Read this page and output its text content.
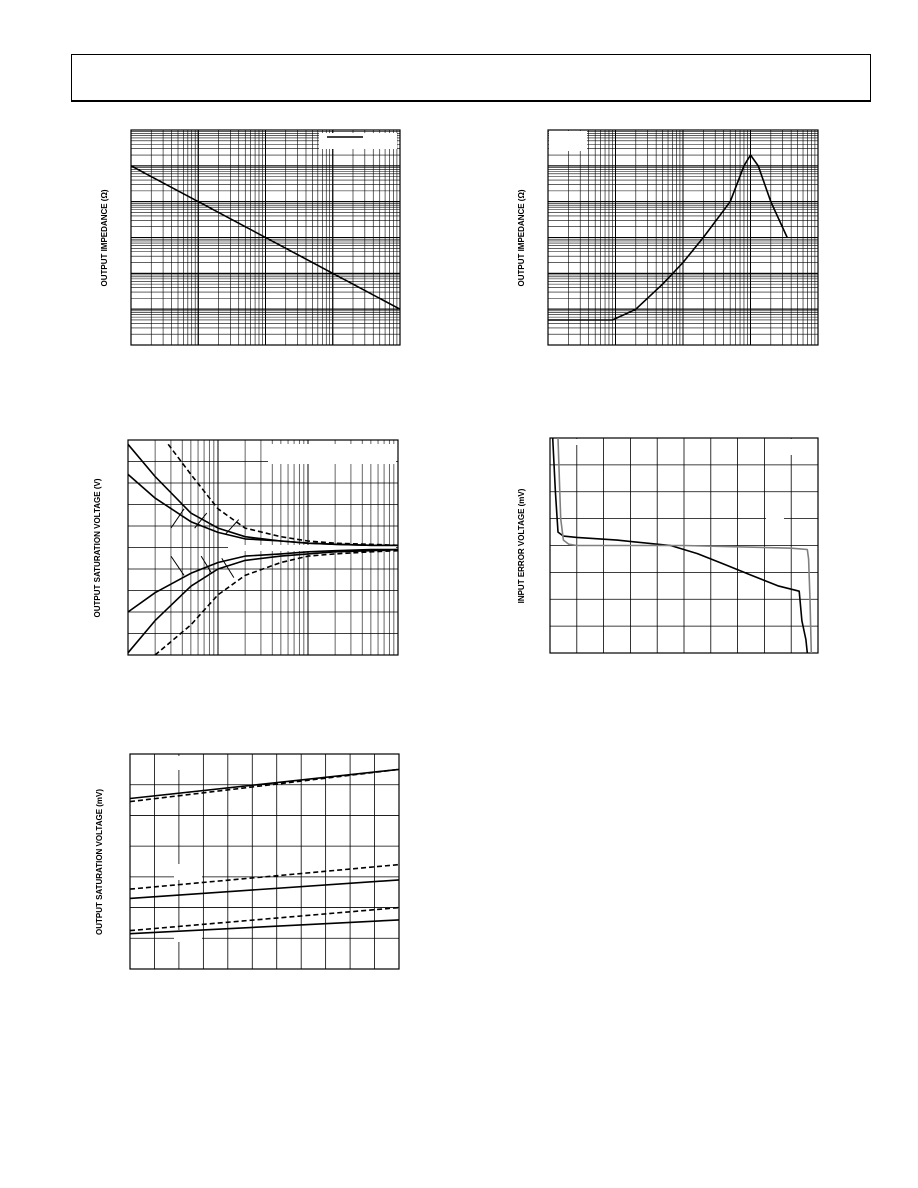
OUTPUT IMPEDANCE (Ω)	OUTPUT IMPEDANCE (Ω)
OUTPUT SATURATION VOLTAGE (V)	INPUT ERROR VOLTAGE (mV)
OUTPUT SATURATION VOLTAGE (mV)
